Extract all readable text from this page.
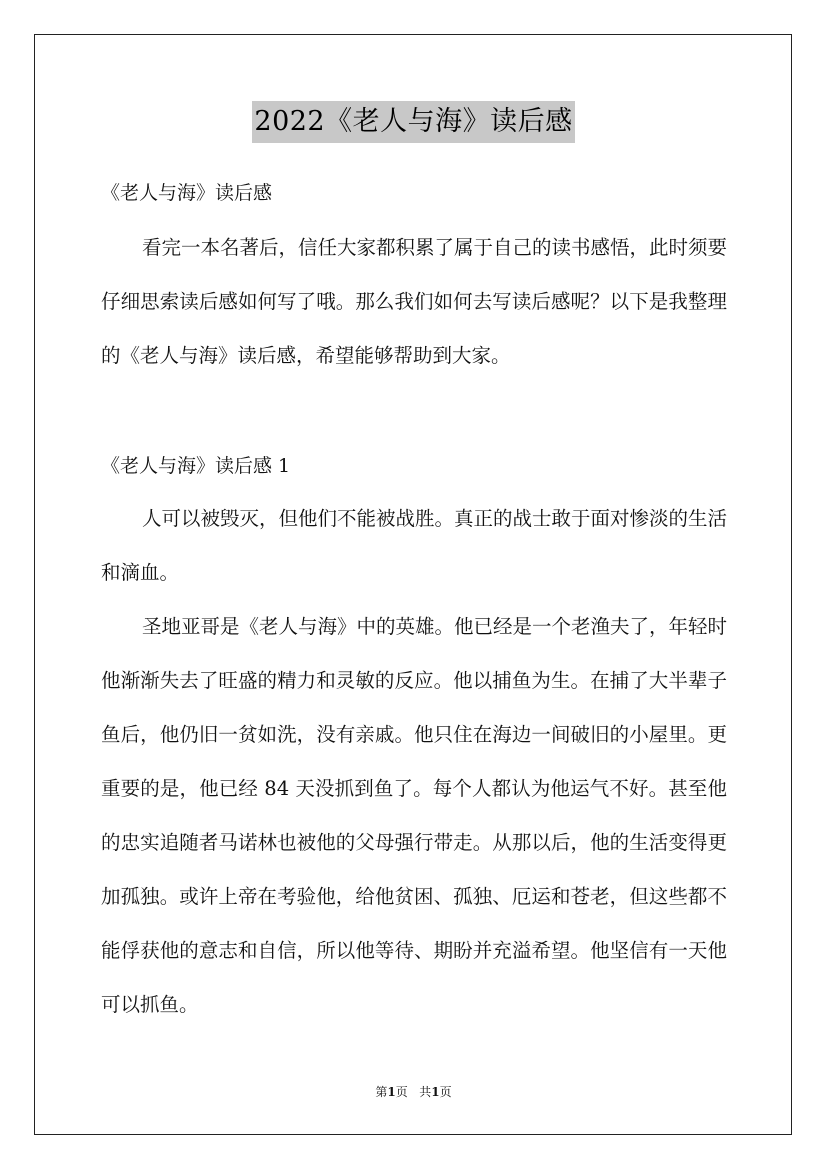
2022《老人与海》读后感
《老人与海》读后感

看完一本名著后，信任大家都积累了属于自己的读书感悟，此时须要仔细思索读后感如何写了哦。那么我们如何去写读后感呢？以下是我整理的《老人与海》读后感，希望能够帮助到大家。

《老人与海》读后感 1

人可以被毁灭，但他们不能被战胜。真正的战士敢于面对惨淡的生活和滴血。

圣地亚哥是《老人与海》中的英雄。他已经是一个老渔夫了，年轻时他渐渐失去了旺盛的精力和灵敏的反应。他以捕鱼为生。在捕了大半辈子鱼后，他仍旧一贫如洗，没有亲戚。他只住在海边一间破旧的小屋里。更重要的是，他已经 84 天没抓到鱼了。每个人都认为他运气不好。甚至他的忠实追随者马诺林也被他的父母强行带走。从那以后，他的生活变得更加孤独。或许上帝在考验他，给他贫困、孤独、厄运和苍老，但这些都不能俘获他的意志和自信，所以他等待、期盼并充溢希望。他坚信有一天他可以抓鱼。

第1页 共1页
